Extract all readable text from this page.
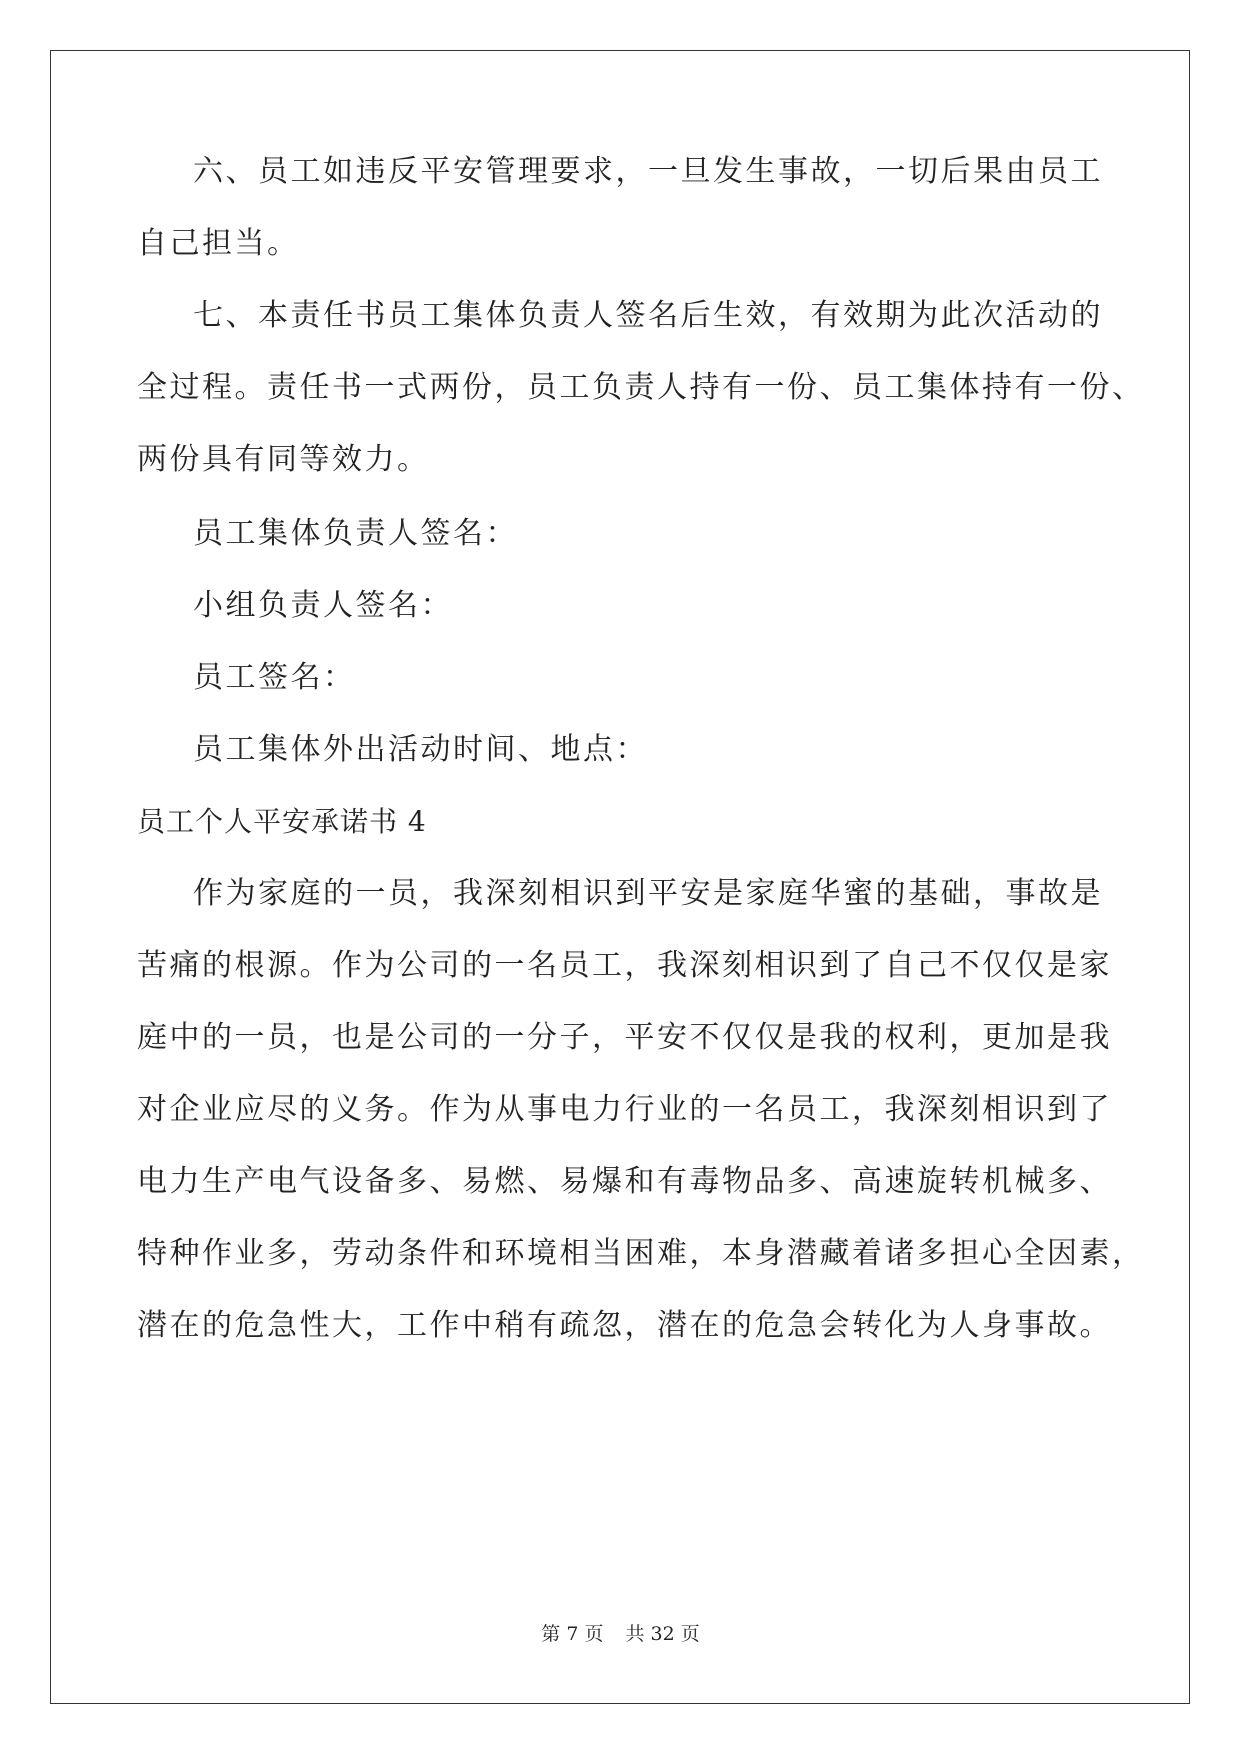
六、员工如违反平安管理要求，一旦发生事故，一切后果由员工

自己担当。

七、本责任书员工集体负责人签名后生效，有效期为此次活动的

全过程。责任书一式两份，员工负责人持有一份、员工集体持有一份、

两份具有同等效力。

员工集体负责人签名：

小组负责人签名：

员工签名：

员工集体外出活动时间、地点：

员工个人平安承诺书 4

作为家庭的一员，我深刻相识到平安是家庭华蜜的基础，事故是

苦痛的根源。作为公司的一名员工，我深刻相识到了自己不仅仅是家

庭中的一员，也是公司的一分子，平安不仅仅是我的权利，更加是我

对企业应尽的义务。作为从事电力行业的一名员工，我深刻相识到了

电力生产电气设备多、易燃、易爆和有毒物品多、高速旋转机械多、

特种作业多，劳动条件和环境相当困难，本身潜藏着诸多担心全因素，

潜在的危急性大，工作中稍有疏忽，潜在的危急会转化为人身事故。

第 7 页 共 32 页
